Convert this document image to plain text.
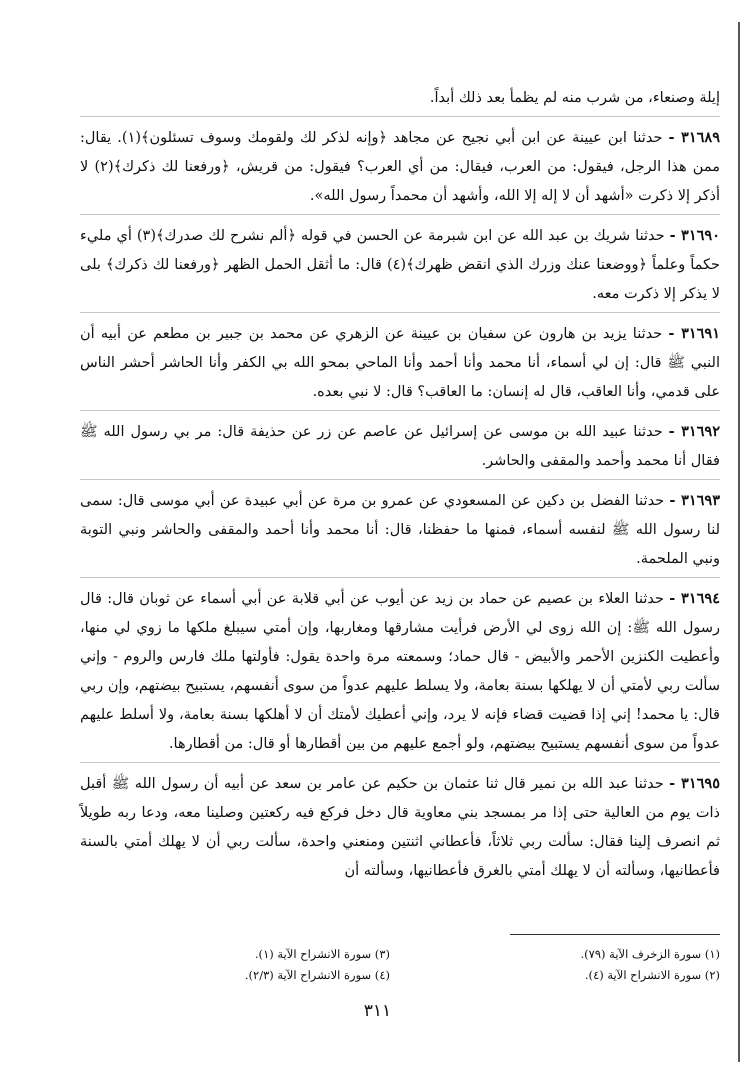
إيلة وصنعاء، من شرب منه لم يظمأ بعد ذلك أبداً.

٣١٦٨٩ - حدثنا ابن عيينة عن ابن أبي نجيح عن مجاهد ﴿وإنه لذكر لك ولقومك وسوف تسئلون﴾(١). يقال: ممن هذا الرجل، فيقول: من العرب، فيقال: من أي العرب؟ فيقول: من قريش، ﴿ورفعنا لك ذكرك﴾(٢) لا أذكر إلا ذكرت «أشهد أن لا إله إلا الله، وأشهد أن محمداً رسول الله».

٣١٦٩٠ - حدثنا شريك بن عبد الله عن ابن شبرمة عن الحسن في قوله ﴿ألم نشرح لك صدرك﴾(٣) أي مليء حكماً وعلماً ﴿ووضعنا عنك وزرك الذي انقض ظهرك﴾(٤) قال: ما أثقل الحمل الظهر ﴿ورفعنا لك ذكرك﴾ بلى لا يذكر إلا ذكرت معه.

٣١٦٩١ - حدثنا يزيد بن هارون عن سفيان بن عيينة عن الزهري عن محمد بن جبير بن مطعم عن أبيه أن النبي ﷺ قال: إن لي أسماء، أنا محمد وأنا أحمد وأنا الماحي بمحو الله بي الكفر وأنا الحاشر أحشر الناس على قدمي، وأنا العاقب، قال له إنسان: ما العاقب؟ قال: لا نبي بعده.

٣١٦٩٢ - حدثنا عبيد الله بن موسى عن إسرائيل عن عاصم عن زر عن حذيفة قال: مر بي رسول الله ﷺ فقال أنا محمد وأحمد والمقفى والحاشر.

٣١٦٩٣ - حدثنا الفضل بن دكين عن المسعودي عن عمرو بن مرة عن أبي عبيدة عن أبي موسى قال: سمى لنا رسول الله ﷺ لنفسه أسماء، فمنها ما حفظنا، قال: أنا محمد وأنا أحمد والمقفى والحاشر ونبي التوبة ونبي الملحمة.

٣١٦٩٤ - حدثنا العلاء بن عصيم عن حماد بن زيد عن أيوب عن أبي قلابة عن أبي أسماء عن ثوبان قال: قال رسول الله ﷺ: إن الله زوى لي الأرض فرأيت مشارقها ومغاربها، وإن أمتي سيبلغ ملكها ما زوي لي منها، وأعطيت الكنزين الأحمر والأبيض - قال حماد؛ وسمعته مرة واحدة يقول: فأولتها ملك فارس والروم - وإني سألت ربي لأمتي أن لا يهلكها بسنة بعامة، ولا يسلط عليهم عدواً من سوى أنفسهم، يستبيح بيضتهم، وإن ربي قال: يا محمد! إني إذا قضيت قضاء فإنه لا يرد، وإني أعطيك لأمتك أن لا أهلكها بسنة بعامة، ولا أسلط عليهم عدواً من سوى أنفسهم يستبيح بيضتهم، ولو أجمع عليهم من بين أقطارها أو قال: من أقطارها.

٣١٦٩٥ - حدثنا عبد الله بن نمير قال ثنا عثمان بن حكيم عن عامر بن سعد عن أبيه أن رسول الله ﷺ أقبل ذات يوم من العالية حتى إذا مر بمسجد بني معاوية قال دخل فركع فيه ركعتين وصلينا معه، ودعا ربه طويلاً ثم انصرف إلينا فقال: سألت ربي ثلاثاً، فأعطاني اثنتين ومنعني واحدة، سألت ربي أن لا يهلك أمتي بالسنة فأعطانيها، وسألته أن لا يهلك أمتي بالغرق فأعطانيها، وسألته أن

(١) سورة الزخرف الآية (٧٩).
(٢) سورة الانشراح الآية (٤).
(٣) سورة الانشراح الآية (١).
(٤) سورة الانشراح الآية (٢/٣).
٣١١
